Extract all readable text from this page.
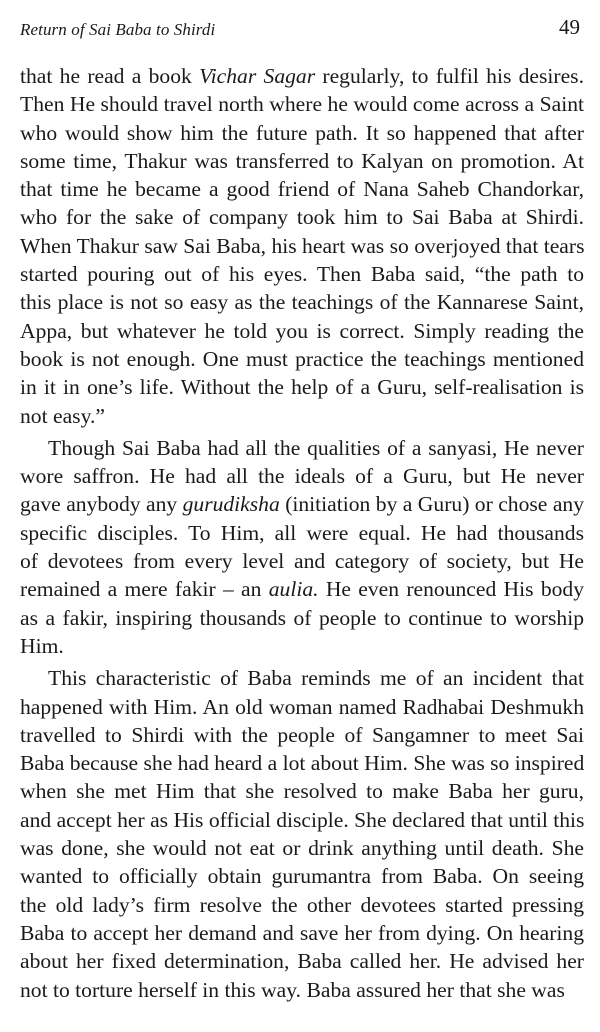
Return of Sai Baba to Shirdi	49
that he read a book Vichar Sagar regularly, to fulfil his desires.
Then He should travel north where he would come across a Saint
who would show him the future path. It so happened that after
some time, Thakur was transferred to Kalyan on promotion. At
that time he became a good friend of Nana Saheb Chandorkar,
who for the sake of company took him to Sai Baba at Shirdi.
When Thakur saw Sai Baba, his heart was so overjoyed that tears
started pouring out of his eyes. Then Baba said, “the path to
this place is not so easy as the teachings of the Kannarese Saint,
Appa, but whatever he told you is correct. Simply reading the
book is not enough. One must practice the teachings mentioned
in it in one’s life. Without the help of a Guru, self-realisation is
not easy.”
Though Sai Baba had all the qualities of a sanyasi, He never
wore saffron. He had all the ideals of a Guru, but He never
gave anybody any gurudiksha (initiation by a Guru) or chose any
specific disciples. To Him, all were equal. He had thousands
of devotees from every level and category of society, but He
remained a mere fakir – an aulia. He even renounced His body
as a fakir, inspiring thousands of people to continue to worship
Him.
This characteristic of Baba reminds me of an incident that
happened with Him. An old woman named Radhabai Deshmukh
travelled to Shirdi with the people of Sangamner to meet Sai
Baba because she had heard a lot about Him. She was so inspired
when she met Him that she resolved to make Baba her guru,
and accept her as His official disciple. She declared that until this
was done, she would not eat or drink anything until death. She
wanted to officially obtain gurumantra from Baba. On seeing
the old lady’s firm resolve the other devotees started pressing
Baba to accept her demand and save her from dying. On hearing
about her fixed determination, Baba called her. He advised her
not to torture herself in this way. Baba assured her that she was
